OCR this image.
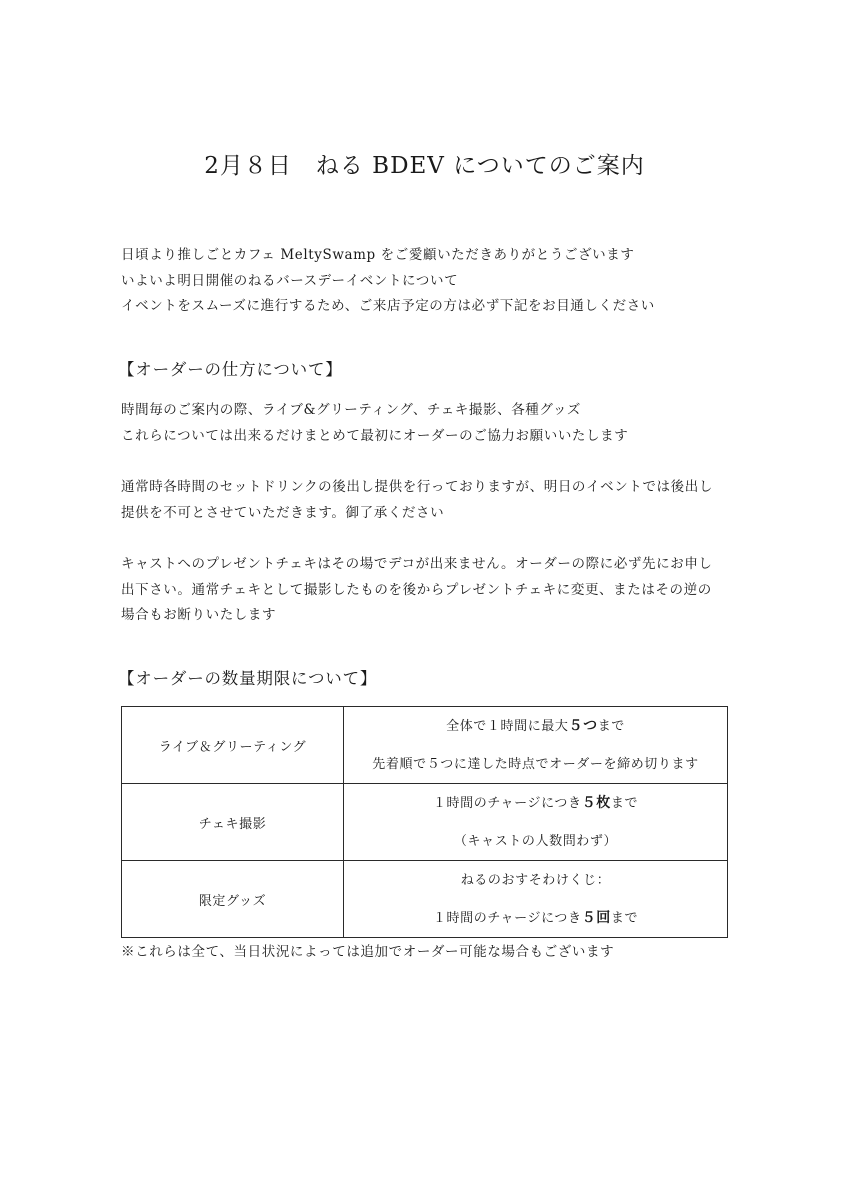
2月８日　ねる BDEV についてのご案内
日頃より推しごとカフェ MeltySwamp をご愛顧いただきありがとうございます
いよいよ明日開催のねるバースデーイベントについて
イベントをスムーズに進行するため、ご来店予定の方は必ず下記をお目通しください
【オーダーの仕方について】
時間毎のご案内の際、ライブ&グリーティング、チェキ撮影、各種グッズ
これらについては出来るだけまとめて最初にオーダーのご協力お願いいたします
通常時各時間のセットドリンクの後出し提供を行っておりますが、明日のイベントでは後出し
提供を不可とさせていただきます。御了承ください
キャストへのプレゼントチェキはその場でデコが出来ません。オーダーの際に必ず先にお申し
出下さい。通常チェキとして撮影したものを後からプレゼントチェキに変更、またはその逆の
場合もお断りいたします
【オーダーの数量期限について】
ライブ＆グリーティング	全体で１時間に最大５つまで
先着順で５つに達した時点でオーダーを締め切ります

チェキ撮影	１時間のチャージにつき５枚まで
（キャストの人数問わず）

限定グッズ	ねるのおすそわけくじ：
１時間のチャージにつき５回まで
※これらは全て、当日状況によっては追加でオーダー可能な場合もございます
